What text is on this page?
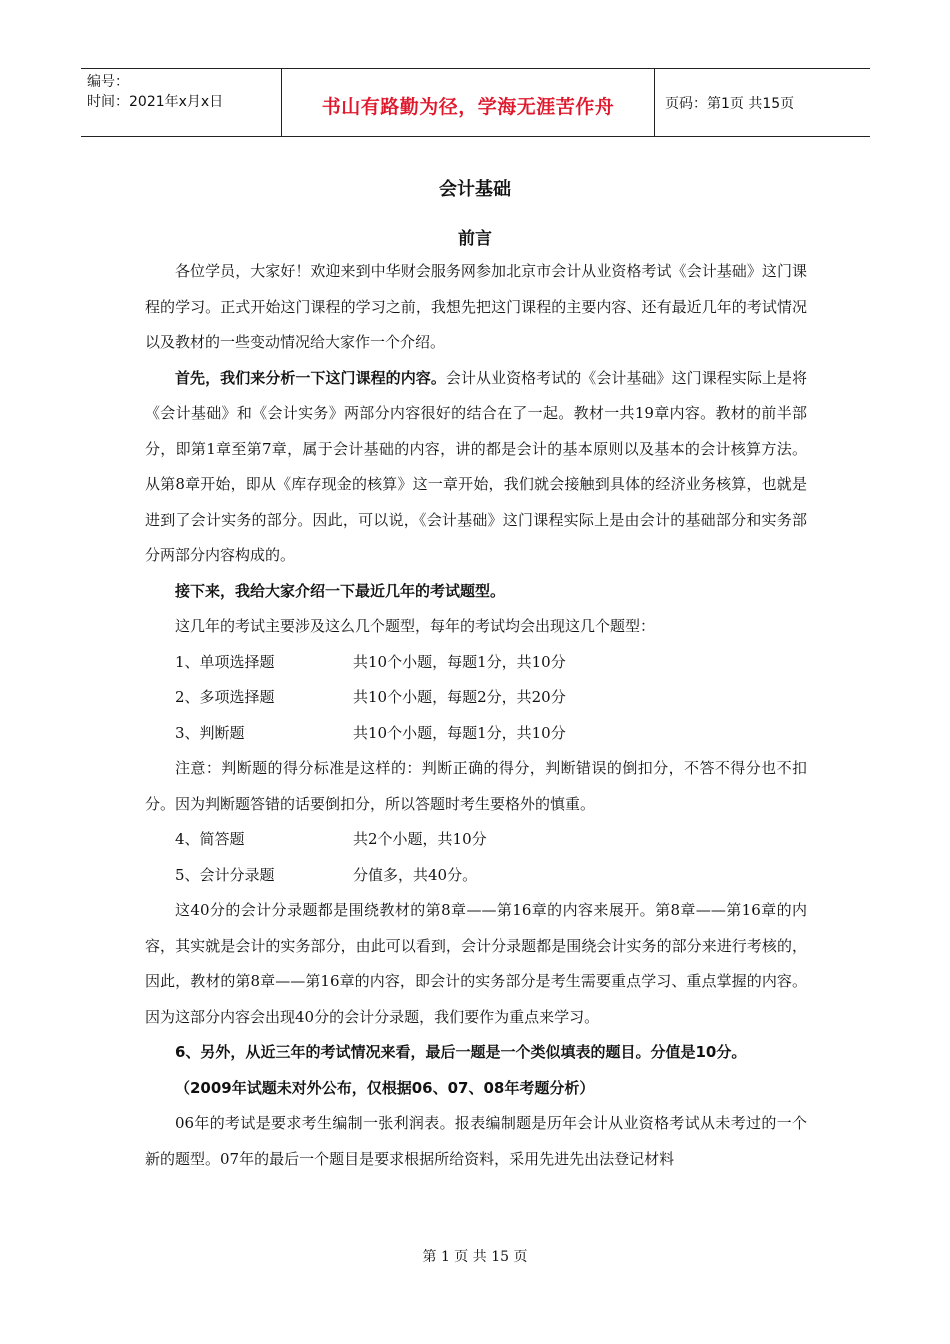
编号：
时间：2021年x月x日	书山有路勤为径，学海无涯苦作舟	页码：第1页 共15页
会计基础
前言

各位学员，大家好！欢迎来到中华财会服务网参加北京市会计从业资格考试《会计基础》这门课程的学习。正式开始这门课程的学习之前，我想先把这门课程的主要内容、还有最近几年的考试情况以及教材的一些变动情况给大家作一个介绍。

首先，我们来分析一下这门课程的内容。会计从业资格考试的《会计基础》这门课程实际上是将《会计基础》和《会计实务》两部分内容很好的结合在了一起。教材一共19章内容。教材的前半部分，即第1章至第7章，属于会计基础的内容，讲的都是会计的基本原则以及基本的会计核算方法。从第8章开始，即从《库存现金的核算》这一章开始，我们就会接触到具体的经济业务核算，也就是进到了会计实务的部分。因此，可以说，《会计基础》这门课程实际上是由会计的基础部分和实务部分两部分内容构成的。

接下来，我给大家介绍一下最近几年的考试题型。

这几年的考试主要涉及这么几个题型，每年的考试均会出现这几个题型：

1、单项选择题	共10个小题，每题1分，共10分
2、多项选择题	共10个小题，每题2分，共20分
3、判断题	共10个小题，每题1分，共10分

注意：判断题的得分标准是这样的：判断正确的得分，判断错误的倒扣分，不答不得分也不扣分。因为判断题答错的话要倒扣分，所以答题时考生要格外的慎重。

4、简答题	共2个小题，共10分
5、会计分录题	分值多，共40分。

这40分的会计分录题都是围绕教材的第8章——第16章的内容来展开。第8章——第16章的内容，其实就是会计的实务部分，由此可以看到，会计分录题都是围绕会计实务的部分来进行考核的，因此，教材的第8章——第16章的内容，即会计的实务部分是考生需要重点学习、重点掌握的内容。因为这部分内容会出现40分的会计分录题，我们要作为重点来学习。

6、另外，从近三年的考试情况来看，最后一题是一个类似填表的题目。分值是10分。

（2009年试题未对外公布，仅根据06、07、08年考题分析）

06年的考试是要求考生编制一张利润表。报表编制题是历年会计从业资格考试从未考过的一个新的题型。07年的最后一个题目是要求根据所给资料，采用先进先出法登记材料

第 1 页 共 15 页
